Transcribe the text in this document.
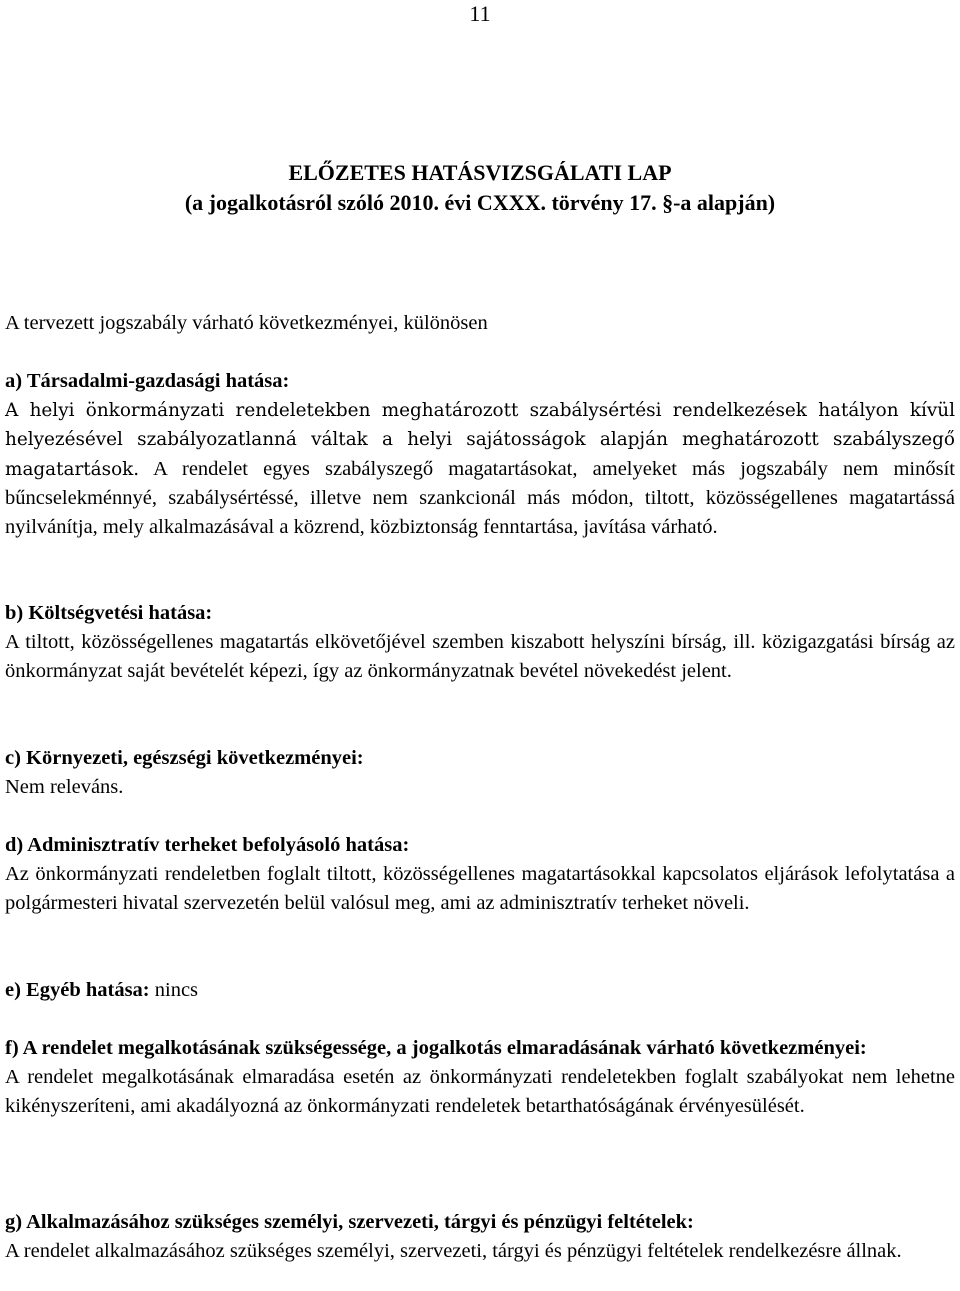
11
ELŐZETES HATÁSVIZSGÁLATI LAP
(a jogalkotásról szóló 2010. évi CXXX. törvény 17. §-a alapján)

A tervezett jogszabály várható következményei, különösen

a) Társadalmi-gazdasági hatása:

A helyi önkormányzati rendeletekben meghatározott szabálysértési rendelkezések hatályon kívül helyezésével szabályozatlanná váltak a helyi sajátosságok alapján meghatározott szabályszegő magatartások. A rendelet egyes szabályszegő magatartásokat, amelyeket más jogszabály nem minősít bűncselekménnyé, szabálysértéssé, illetve nem szankcionál más módon, tiltott, közösségellenes magatartássá nyilvánítja, mely alkalmazásával a közrend, közbiztonság fenntartása, javítása várható.

b) Költségvetési hatása:

A tiltott, közösségellenes magatartás elkövetőjével szemben kiszabott helyszíni bírság, ill. közigazgatási bírság az önkormányzat saját bevételét képezi, így az önkormányzatnak bevétel növekedést jelent.

c) Környezeti, egészségi következményei:

Nem releváns.

d) Adminisztratív terheket befolyásoló hatása:

Az önkormányzati rendeletben foglalt tiltott, közösségellenes magatartásokkal kapcsolatos eljárások lefolytatása a polgármesteri hivatal szervezetén belül valósul meg, ami az adminisztratív terheket növeli.

e) Egyéb hatása: nincs

f) A rendelet megalkotásának szükségessége, a jogalkotás elmaradásának várható következményei:

A rendelet megalkotásának elmaradása esetén az önkormányzati rendeletekben foglalt szabályokat nem lehetne kikényszeríteni, ami akadályozná az önkormányzati rendeletek betarthatóságának érvényesülését.

g) Alkalmazásához szükséges személyi, szervezeti, tárgyi és pénzügyi feltételek:

A rendelet alkalmazásához szükséges személyi, szervezeti, tárgyi és pénzügyi feltételek rendelkezésre állnak.
